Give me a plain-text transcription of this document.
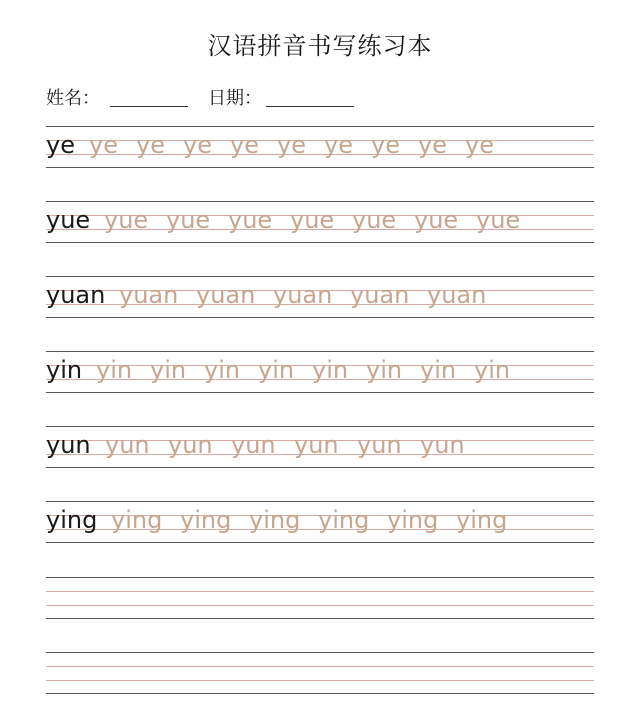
汉语拼音书写练习本
姓名：	日期：
ye ye ye ye ye ye ye ye ye ye
yue yue yue yue yue yue yue yue
yuan yuan yuan yuan yuan yuan
yin yin yin yin yin yin yin yin yin
yun yun yun yun yun yun yun
ying ying ying ying ying ying ying
